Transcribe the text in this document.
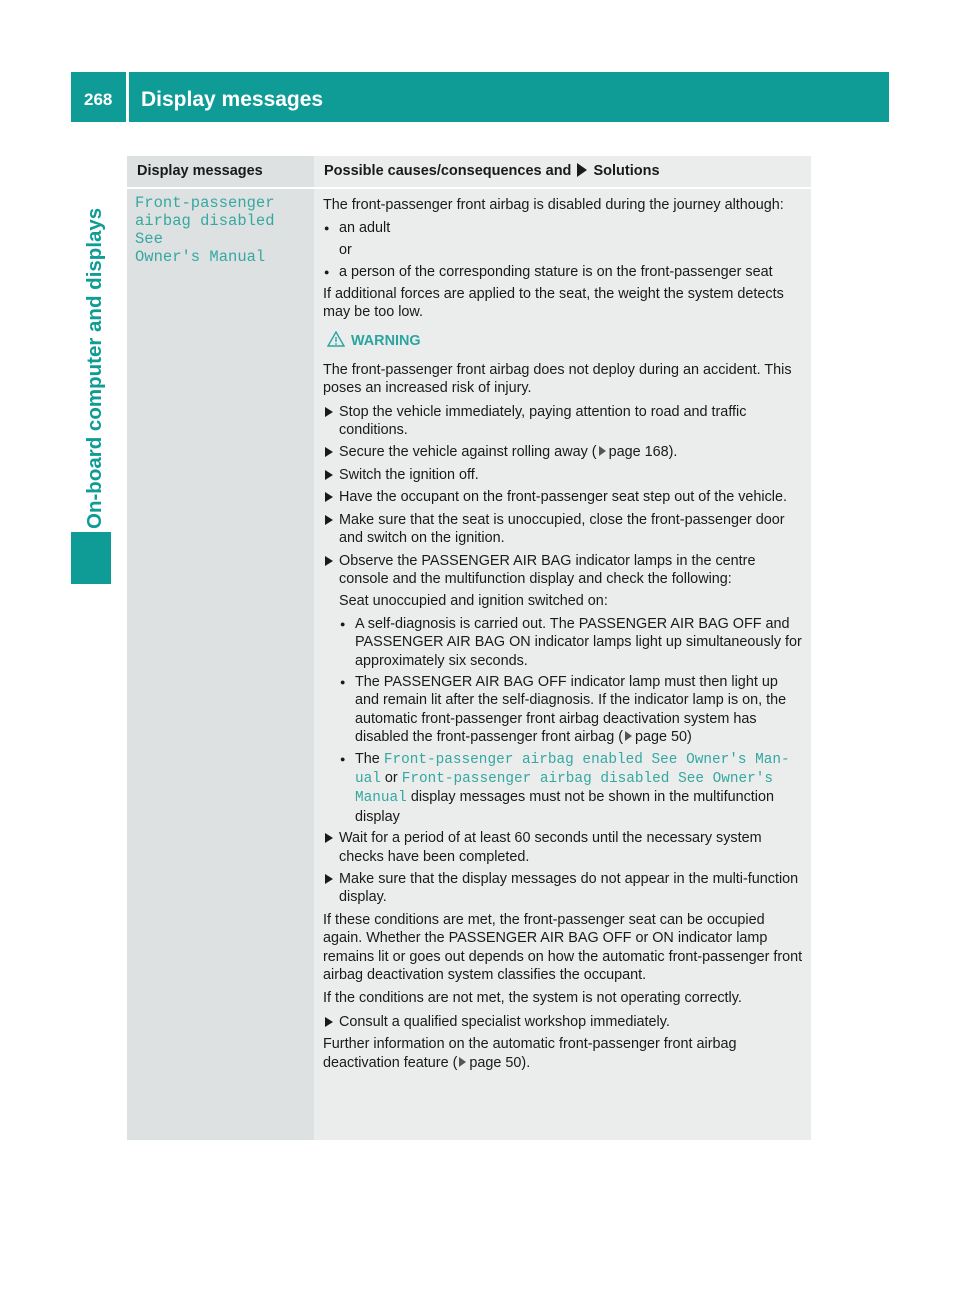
268 Display messages
On-board computer and displays
Display messages	Possible causes/consequences and Solutions
Front-passenger
airbag disabled See
Owner's Manual

The front-passenger front airbag is disabled during the journey although:

● an adult
or
● a person of the corresponding stature is on the front-passenger seat

If additional forces are applied to the seat, the weight the system detects may be too low.

WARNING

The front-passenger front airbag does not deploy during an accident. This poses an increased risk of injury.

Stop the vehicle immediately, paying attention to road and traffic conditions.
Secure the vehicle against rolling away ( page 168).
Switch the ignition off.
Have the occupant on the front-passenger seat step out of the vehicle.
Make sure that the seat is unoccupied, close the front-passenger door and switch on the ignition.
Observe the PASSENGER AIR BAG indicator lamps in the centre console and the multifunction display and check the following:
Seat unoccupied and ignition switched on:
● A self-diagnosis is carried out. The PASSENGER AIR BAG OFF and PASSENGER AIR BAG ON indicator lamps light up simultaneously for approximately six seconds.
● The PASSENGER AIR BAG OFF indicator lamp must then light up and remain lit after the self-diagnosis. If the indicator lamp is on, the automatic front-passenger front airbag deactivation system has disabled the front-passenger front airbag ( page 50)
● The Front-passenger airbag enabled See Owner's Man‐ ual or Front-passenger airbag disabled See Owner's Manual display messages must not be shown in the multifunction display
Wait for a period of at least 60 seconds until the necessary system checks have been completed.
Make sure that the display messages do not appear in the multi‐function display.

If these conditions are met, the front-passenger seat can be occupied again. Whether the PASSENGER AIR BAG OFF or ON indicator lamp remains lit or goes out depends on how the automatic front-passenger front airbag deactivation system classifies the occupant.

If the conditions are not met, the system is not operating correctly.

Consult a qualified specialist workshop immediately.

Further information on the automatic front-passenger front airbag deactivation feature ( page 50).
